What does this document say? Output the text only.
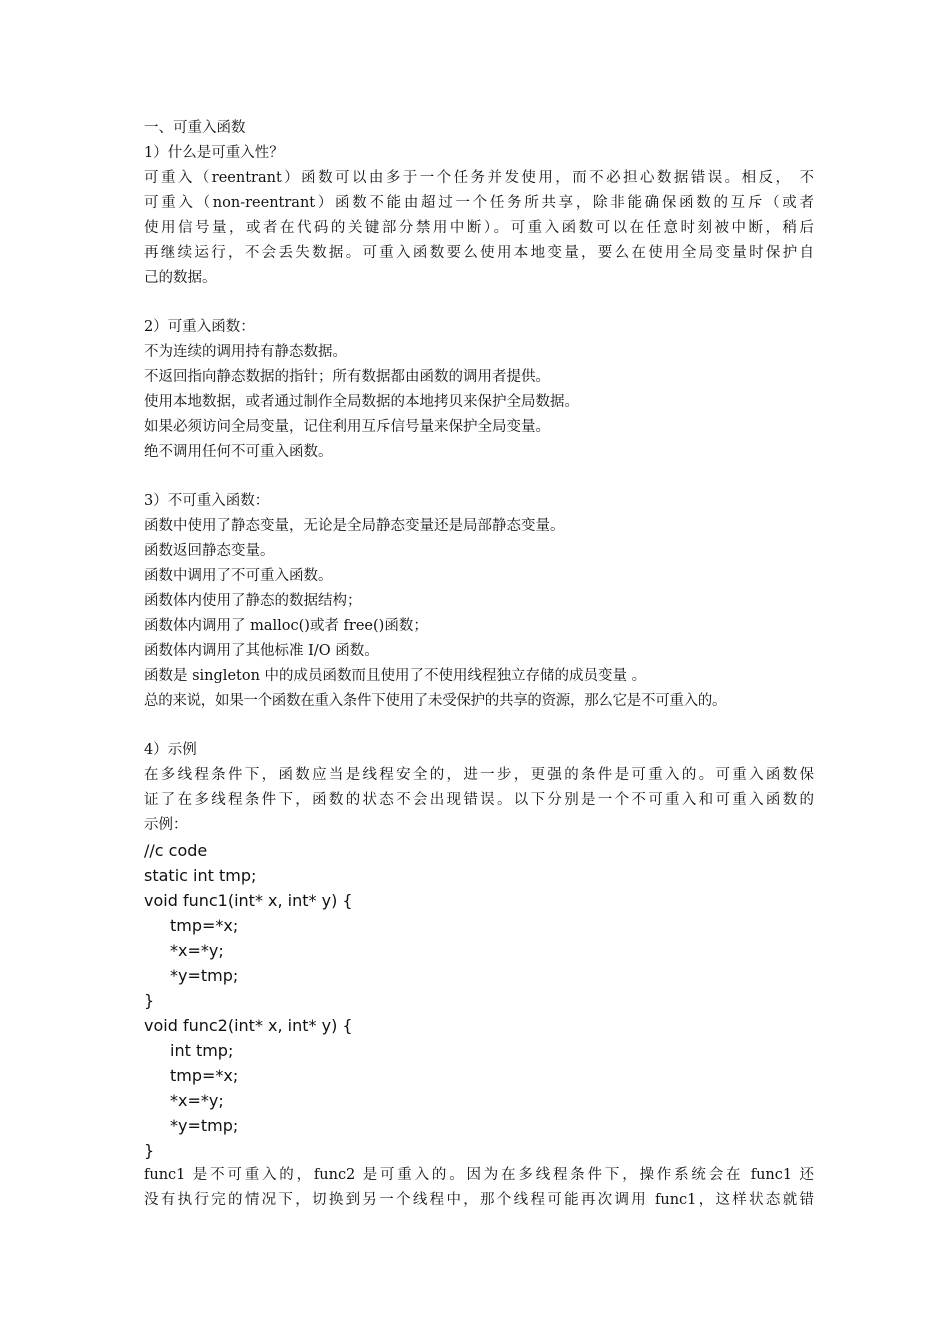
一、可重入函数
1）什么是可重入性？
可重入（reentrant）函数可以由多于一个任务并发使用，而不必担心数据错误。相反， 不
可重入（non-reentrant）函数不能由超过一个任务所共享，除非能确保函数的互斥（或者
使用信号量，或者在代码的关键部分禁用中断）。可重入函数可以在任意时刻被中断，稍后
再继续运行，不会丢失数据。可重入函数要么使用本地变量，要么在使用全局变量时保护自
己的数据。
2）可重入函数：
不为连续的调用持有静态数据。
不返回指向静态数据的指针；所有数据都由函数的调用者提供。
使用本地数据，或者通过制作全局数据的本地拷贝来保护全局数据。
如果必须访问全局变量，记住利用互斥信号量来保护全局变量。
绝不调用任何不可重入函数。
3）不可重入函数：
函数中使用了静态变量，无论是全局静态变量还是局部静态变量。
函数返回静态变量。
函数中调用了不可重入函数。
函数体内使用了静态的数据结构；
函数体内调用了 malloc()或者 free()函数；
函数体内调用了其他标准 I/O 函数。
函数是 singleton 中的成员函数而且使用了不使用线程独立存储的成员变量 。
总的来说，如果一个函数在重入条件下使用了未受保护的共享的资源，那么它是不可重入的。
4）示例
在多线程条件下，函数应当是线程安全的，进一步，更强的条件是可重入的。可重入函数保
证了在多线程条件下，函数的状态不会出现错误。以下分别是一个不可重入和可重入函数的
示例：
//c code
static int tmp;
void func1(int* x, int* y) {
tmp=*x;
*x=*y;
*y=tmp;
}
void func2(int* x, int* y) {
int tmp;
tmp=*x;
*x=*y;
*y=tmp;
}
func1 是不可重入的，func2 是可重入的。因为在多线程条件下，操作系统会在 func1 还
没有执行完的情况下，切换到另一个线程中，那个线程可能再次调用 func1，这样状态就错
